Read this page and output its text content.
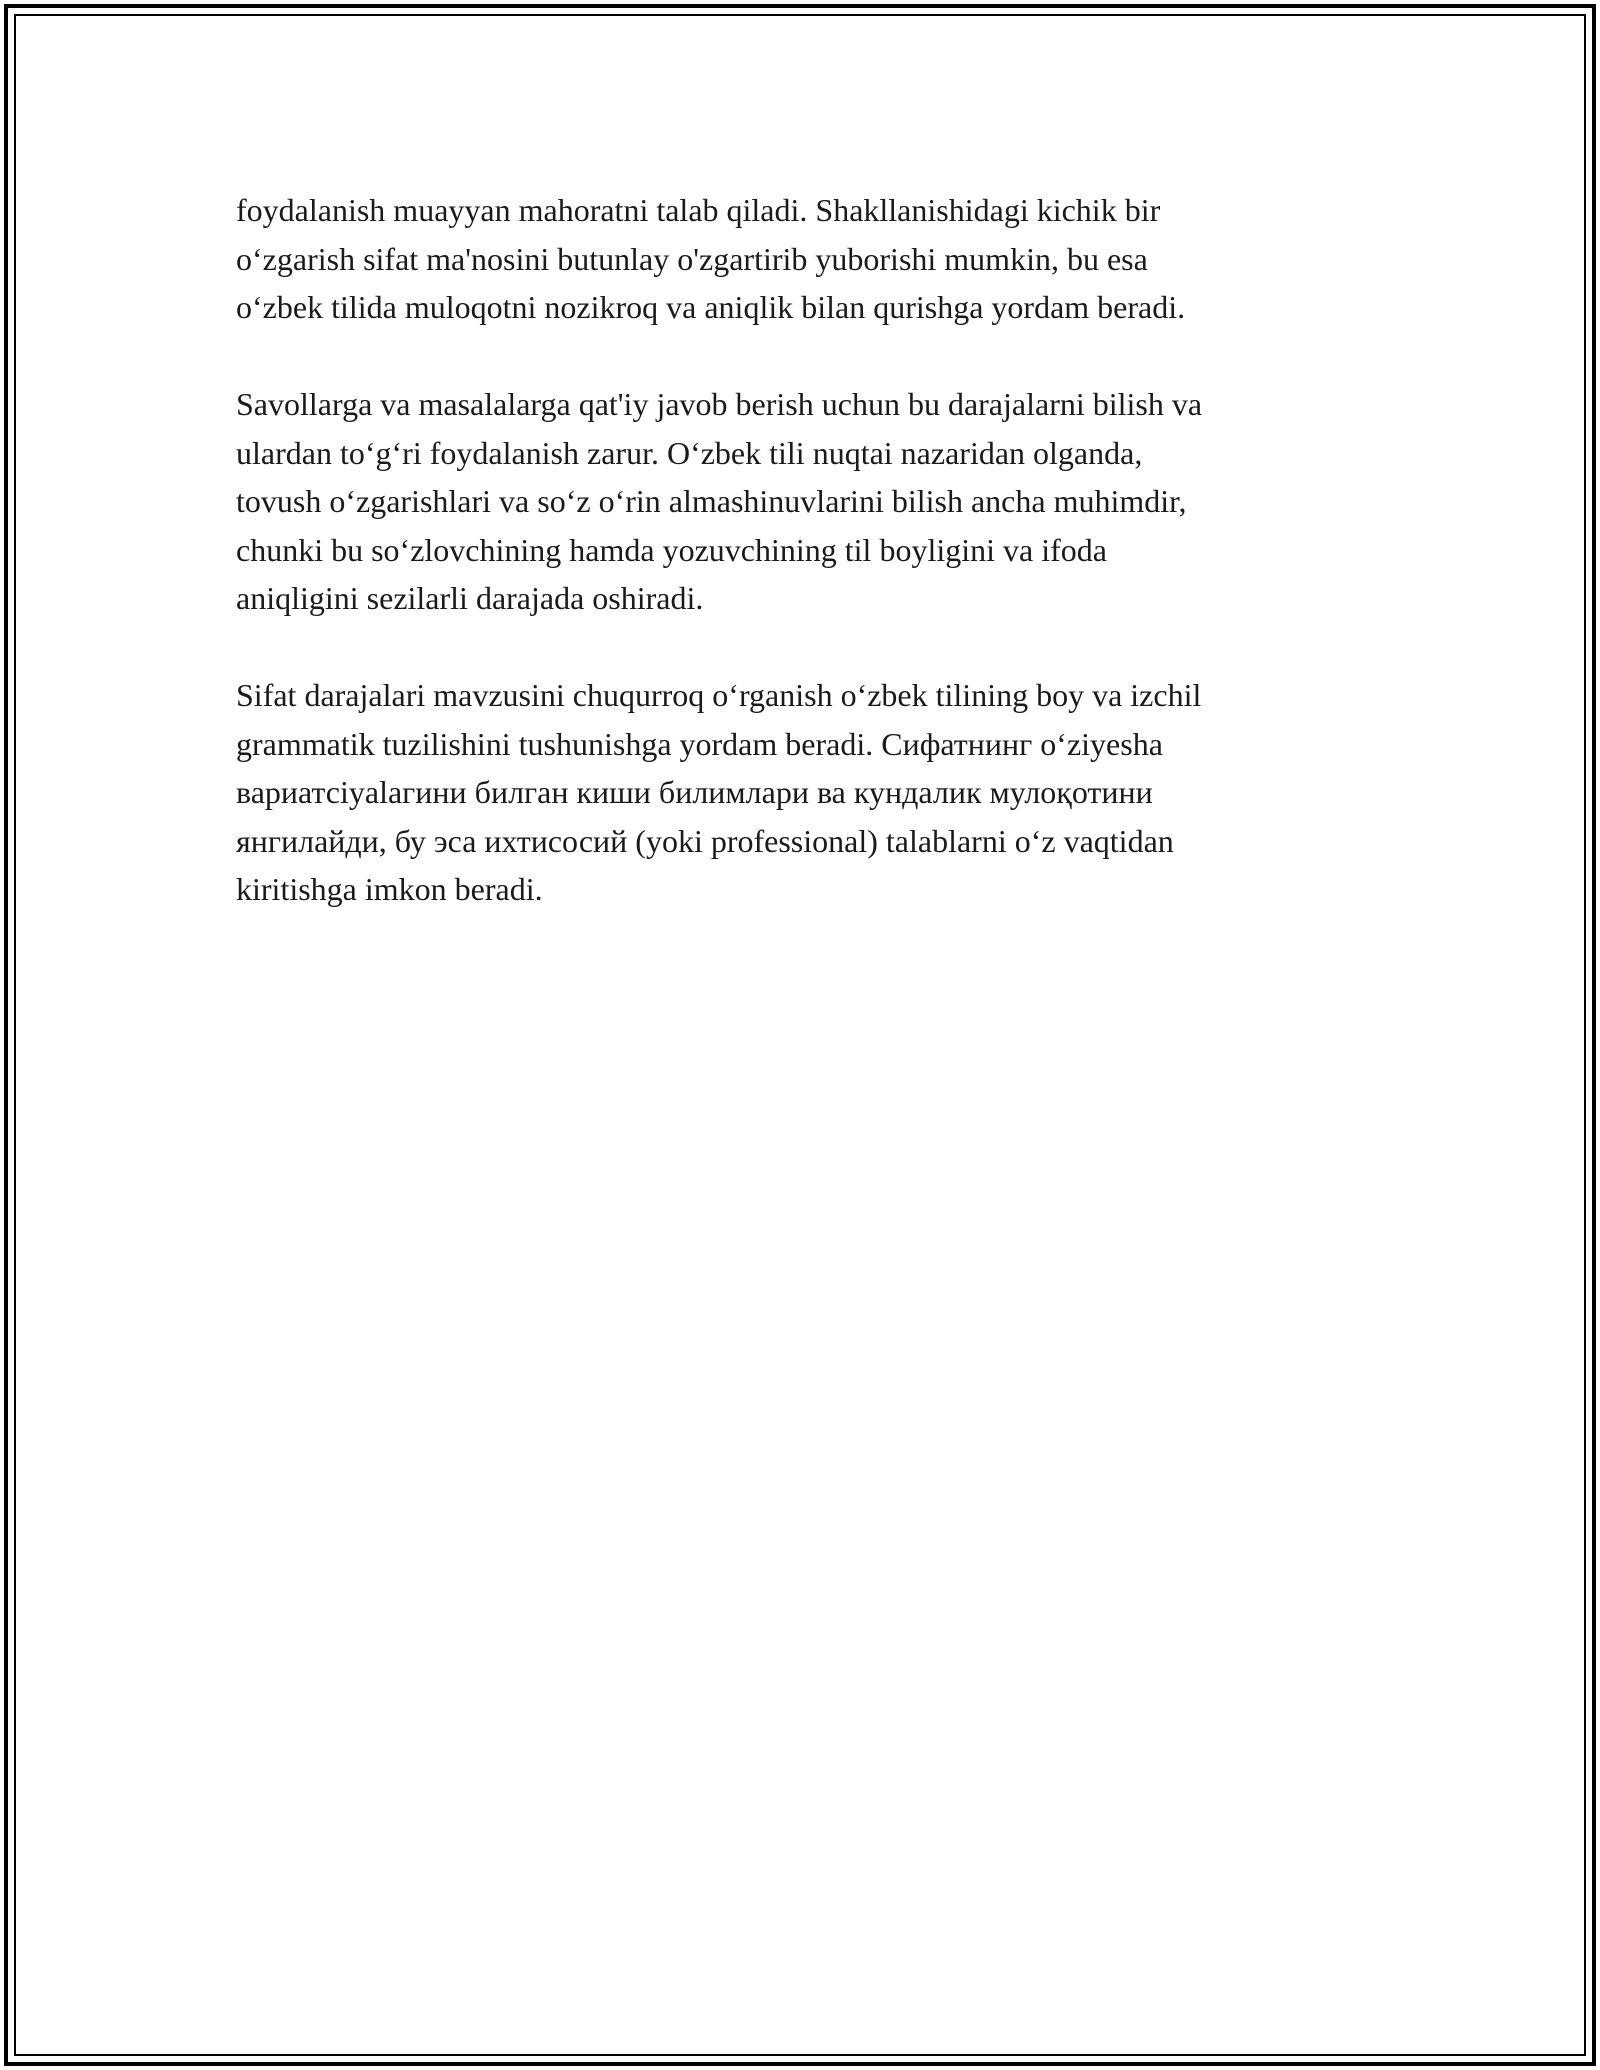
foydalanish muayyan mahoratni talab qiladi. Shakllanishidagi kichik bir
o‘zgarish sifat ma'nosini butunlay o'zgartirib yuborishi mumkin, bu esa
o‘zbek tilida muloqotni nozikroq va aniqlik bilan qurishga yordam beradi.

Savollarga va masalalarga qat'iy javob berish uchun bu darajalarni bilish va
ulardan to‘g‘ri foydalanish zarur. O‘zbek tili nuqtai nazaridan olganda,
tovush o‘zgarishlari va so‘z o‘rin almashinuvlarini bilish ancha muhimdir,
chunki bu so‘zlovchining hamda yozuvchining til boyligini va ifoda
aniqligini sezilarli darajada oshiradi.

Sifat darajalari mavzusini chuqurroq o‘rganish o‘zbek tilining boy va izchil
grammatik tuzilishini tushunishga yordam beradi. Сифатнинг o‘ziyesha
вариатсiyalaгини билган киши билимлари ва кундалик мулоқотини
янгилайди, бу эса ихтисосий (yoki professional) talablarni o‘z vaqtidan
kiritishga imkon beradi.
